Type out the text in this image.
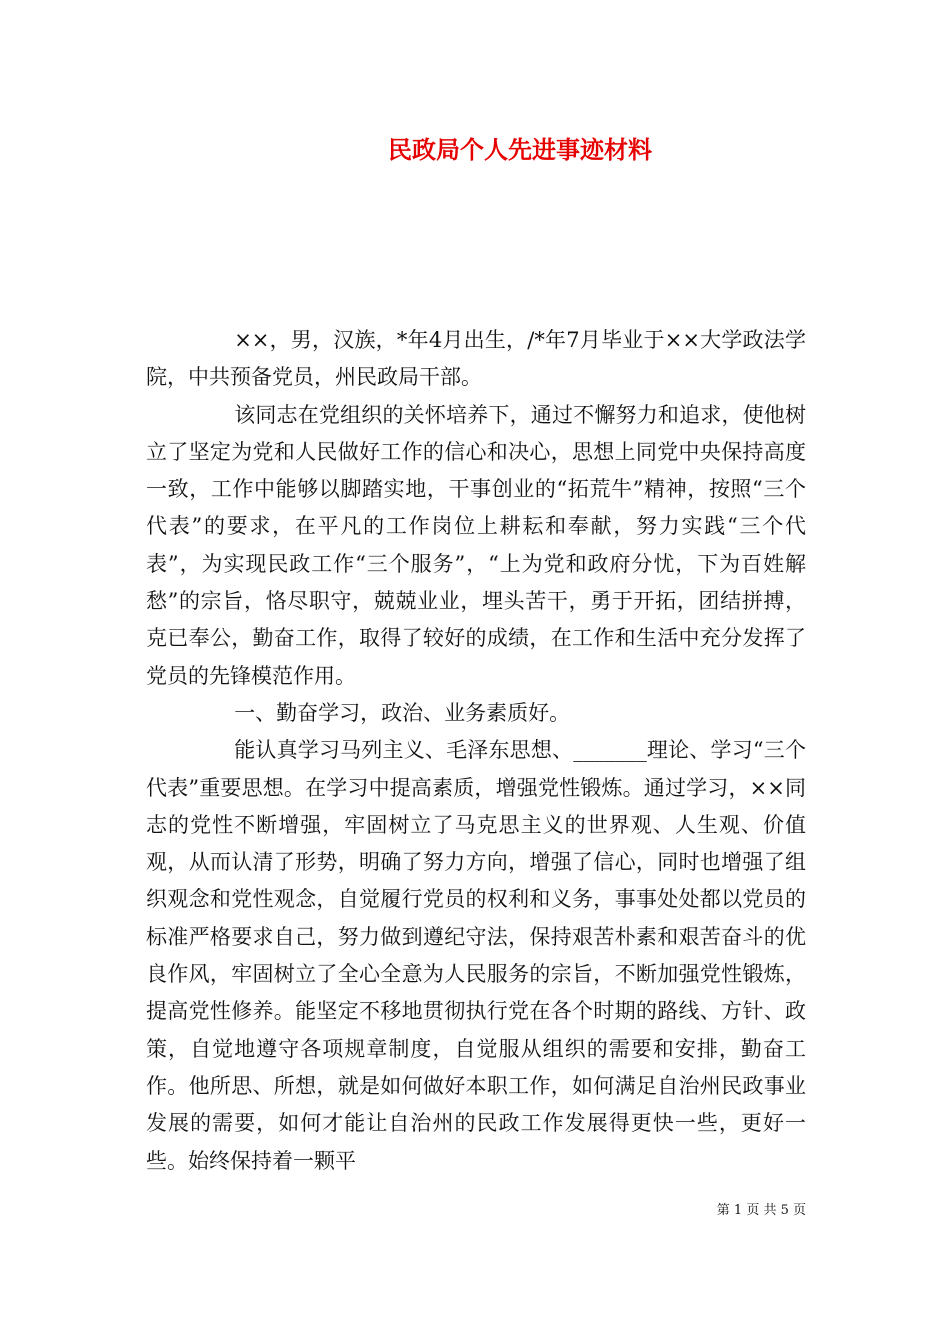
民政局个人先进事迹材料

××，男，汉族，*年4月出生，/*年7月毕业于××大学政法学院，中共预备党员，州民政局干部。

该同志在党组织的关怀培养下，通过不懈努力和追求，使他树立了坚定为党和人民做好工作的信心和决心，思想上同党中央保持高度一致，工作中能够以脚踏实地，干事创业的“拓荒牛”精神，按照“三个代表”的要求，在平凡的工作岗位上耕耘和奉献，努力实践“三个代表”，为实现民政工作“三个服务”，“上为党和政府分忧，下为百姓解愁”的宗旨，恪尽职守，兢兢业业，埋头苦干，勇于开拓，团结拼搏，克已奉公，勤奋工作，取得了较好的成绩，在工作和生活中充分发挥了党员的先锋模范作用。

一、勤奋学习，政治、业务素质好。

能认真学习马列主义、毛泽东思想、_______理论、学习“三个代表”重要思想。在学习中提高素质，增强党性锻炼。通过学习，××同志的党性不断增强，牢固树立了马克思主义的世界观、人生观、价值观，从而认清了形势，明确了努力方向，增强了信心，同时也增强了组织观念和党性观念，自觉履行党员的权利和义务，事事处处都以党员的标准严格要求自己，努力做到遵纪守法，保持艰苦朴素和艰苦奋斗的优良作风，牢固树立了全心全意为人民服务的宗旨，不断加强党性锻炼，提高党性修养。能坚定不移地贯彻执行党在各个时期的路线、方针、政策，自觉地遵守各项规章制度，自觉服从组织的需要和安排，勤奋工作。他所思、所想，就是如何做好本职工作，如何满足自治州民政事业发展的需要，如何才能让自治州的民政工作发展得更快一些，更好一些。始终保持着一颗平

第 1 页 共 5 页
